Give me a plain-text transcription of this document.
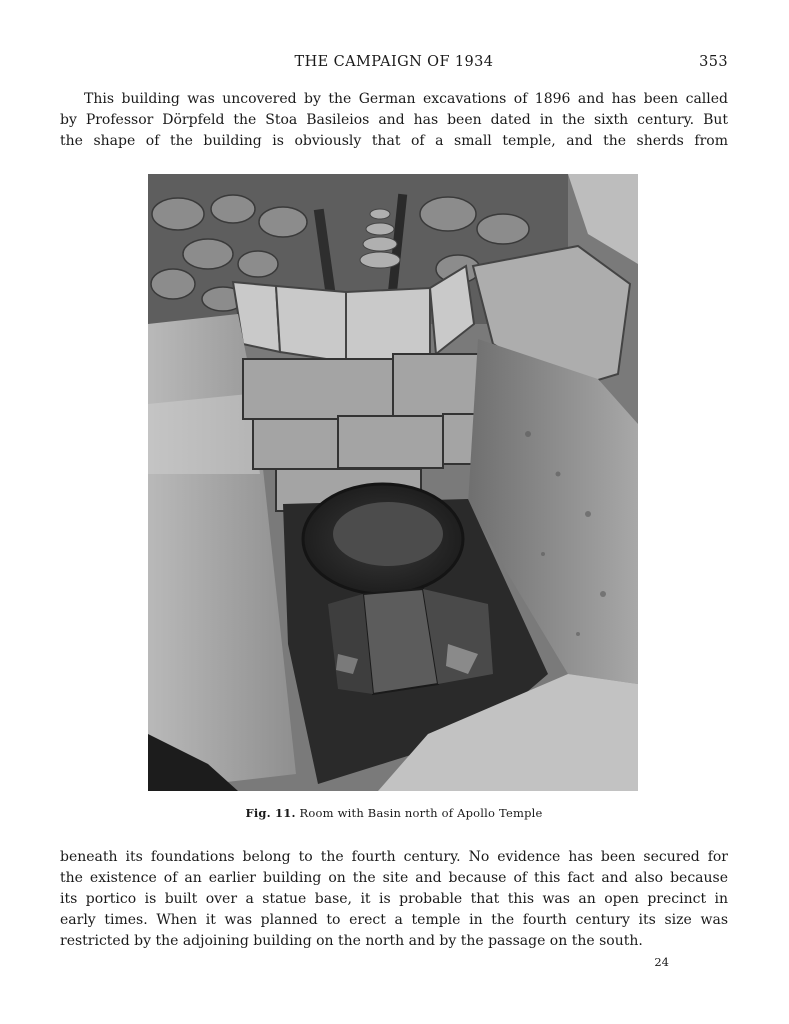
THE CAMPAIGN OF 1934	353
This building was uncovered by the German excavations of 1896 and has been called
by Professor Dörpfeld the Stoa Basileios and has been dated in the sixth century. But
the shape of the building is obviously that of a small temple, and the sherds from
Fig. 11. Room with Basin north of Apollo Temple
beneath its foundations belong to the fourth century. No evidence has been secured for
the existence of an earlier building on the site and because of this fact and also because
its portico is built over a statue base, it is probable that this was an open precinct in
early times. When it was planned to erect a temple in the fourth century its size was
restricted by the adjoining building on the north and by the passage on the south.
24
